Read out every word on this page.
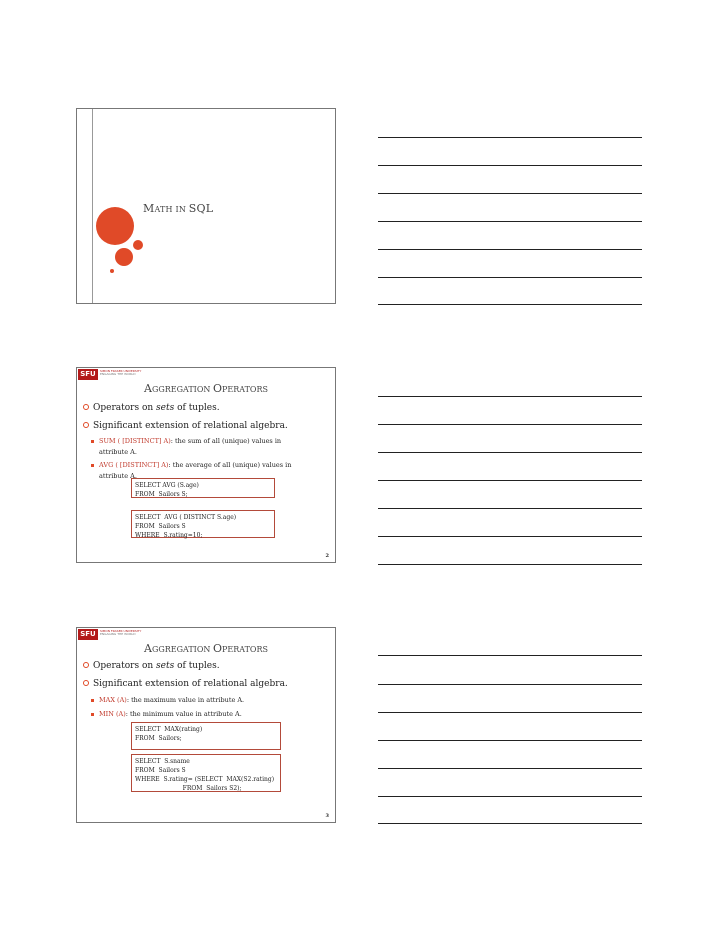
MATH IN SQL
SFU	SIMON FRASER UNIVERSITY
ENGAGING THE WORLD
AGGREGATION OPERATORS
Operators on sets of tuples.
Significant extension of relational algebra.
SUM ( [DISTINCT] A): the sum of all (unique) values in attribute A.
AVG ( [DISTINCT] A): the average of all (unique) values in attribute A.
SELECT AVG (S.age)
FROM  Sailors S;
SELECT  AVG ( DISTINCT S.age)
FROM  Sailors S
WHERE  S.rating=10;
2
SFU	SIMON FRASER UNIVERSITY
ENGAGING THE WORLD
AGGREGATION OPERATORS
Operators on sets of tuples.
Significant extension of relational algebra.
MAX (A): the maximum value in attribute A.
MIN (A): the minimum value in attribute A.
SELECT  MAX(rating)
FROM  Sailors;
SELECT  S.sname
FROM  Sailors S
WHERE  S.rating= (SELECT  MAX(S2.rating)
FROM  Sailors S2);
3
